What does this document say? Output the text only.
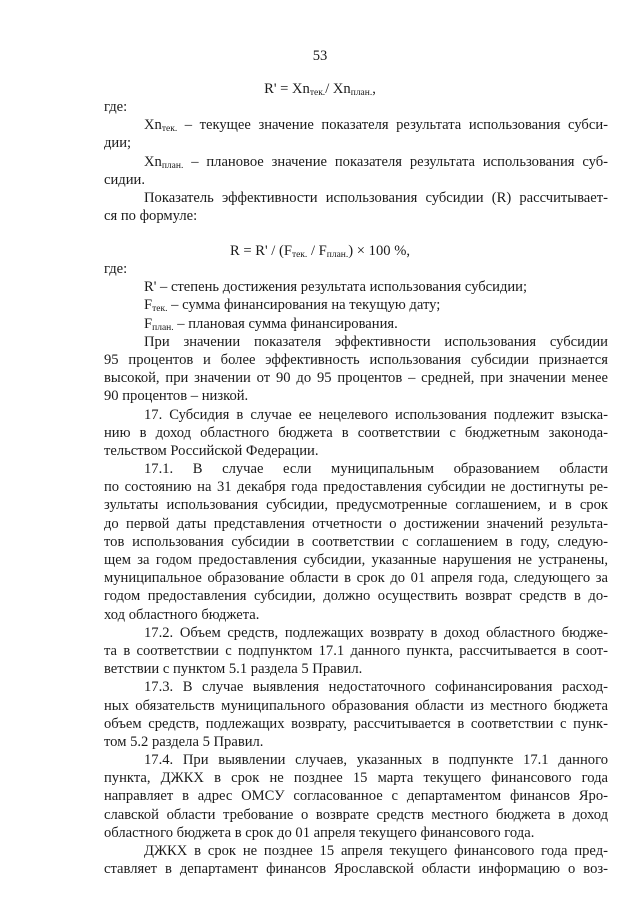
53
$R' = Xn_{тек.}/$ $Xn_{план.}$,
где:
$Xn_{тек.}$ – текущее значение показателя результата использования субси-
дии;
$Xn_{план.}$ – плановое значение показателя результата использования суб-
сидии.
Показатель эффективности использования субсидии (R) рассчитывает-
ся по формуле:
$R = R' / (F_{тек.} / F_{план.}) \times 100$ %,
где:
R' – степень достижения результата использования субсидии;
$F_{тек.}$ – сумма финансирования на текущую дату;
$F_{план.}$ – плановая сумма финансирования.
При значении показателя эффективности использования субсидии
95 процентов и более эффективность использования субсидии признается
высокой, при значении от 90 до 95 процентов – средней, при значении менее
90 процентов – низкой.
17. Субсидия в случае ее нецелевого использования подлежит взыска-
нию в доход областного бюджета в соответствии с бюджетным законода-
тельством Российской Федерации.
17.1. В случае если муниципальным образованием области
по состоянию на 31 декабря года предоставления субсидии не достигнуты ре-
зультаты использования субсидии, предусмотренные соглашением, и в срок
до первой даты представления отчетности о достижении значений результа-
тов использования субсидии в соответствии с соглашением в году, следую-
щем за годом предоставления субсидии, указанные нарушения не устранены,
муниципальное образование области в срок до 01 апреля года, следующего за
годом предоставления субсидии, должно осуществить возврат средств в до-
ход областного бюджета.
17.2. Объем средств, подлежащих возврату в доход областного бюдже-
та в соответствии с подпунктом 17.1 данного пункта, рассчитывается в соот-
ветствии с пунктом 5.1 раздела 5 Правил.
17.3. В случае выявления недостаточного софинансирования расход-
ных обязательств муниципального образования области из местного бюджета
объем средств, подлежащих возврату, рассчитывается в соответствии с пунк-
том 5.2 раздела 5 Правил.
17.4. При выявлении случаев, указанных в подпункте 17.1 данного
пункта, ДЖКХ в срок не позднее 15 марта текущего финансового года
направляет в адрес ОМСУ согласованное с департаментом финансов Яро-
славской области требование о возврате средств местного бюджета в доход
областного бюджета в срок до 01 апреля текущего финансового года.
ДЖКХ в срок не позднее 15 апреля текущего финансового года пред-
ставляет в департамент финансов Ярославской области информацию о воз-
